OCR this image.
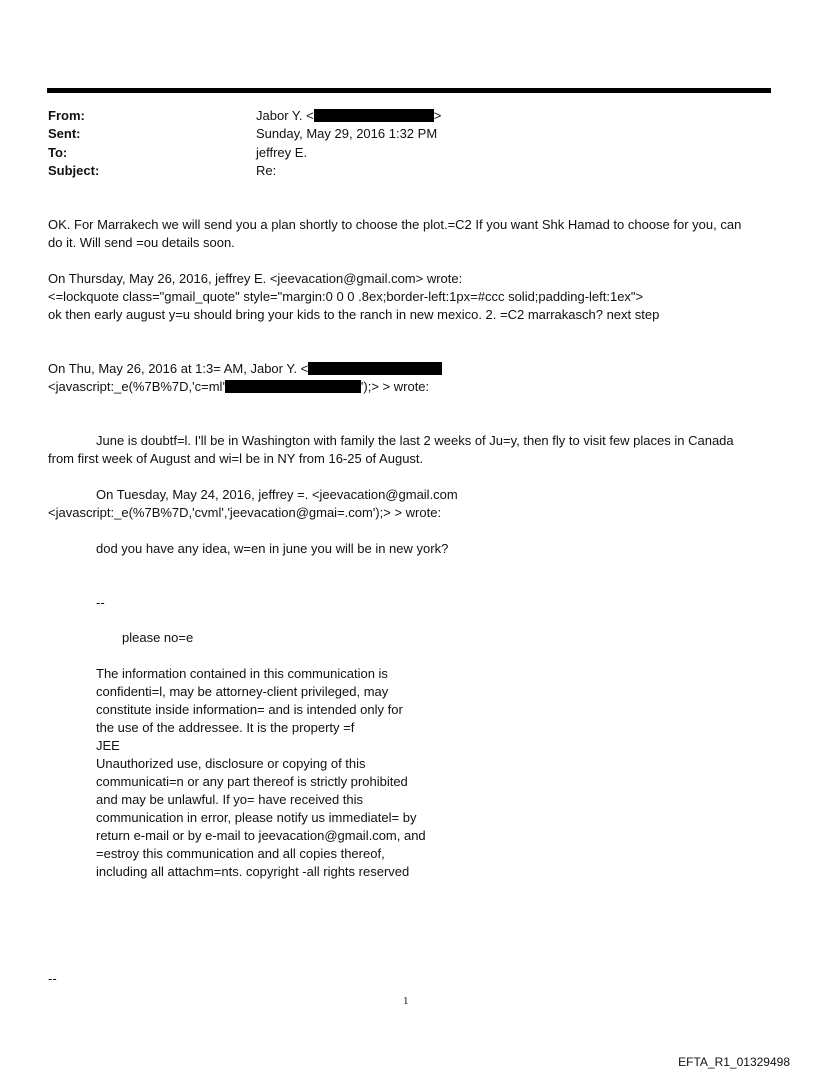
From:	Jabor Y. <	>
Sent:	Sunday, May 29, 2016 1:32 PM
To:	jeffrey E.
Subject:	Re:
OK. For Marrakech we will send you a plan shortly to choose the plot.=C2 If you want Shk Hamad to choose for you, can
do it. Will send =ou details soon.
On Thursday, May 26, 2016, jeffrey E. <jeevacation@gmail.com> wrote:
<=lockquote class="gmail_quote" style="margin:0 0 0 .8ex;border-left:1px=#ccc solid;padding-left:1ex">
ok then early august y=u should bring your kids to the ranch in new mexico. 2. =C2 marrakasch? next step
On Thu, May 26, 2016 at 1:3= AM, Jabor Y. <
<javascript:_e(%7B%7D,'c=ml'	');> > wrote:
June is doubtf=l. I'll be in Washington with family the last 2 weeks of Ju=y, then fly to visit few places in Canada
from first week of August and wi=l be in NY from 16-25 of August.
On Tuesday, May 24, 2016, jeffrey =. <jeevacation@gmail.com
<javascript:_e(%7B%7D,'cvml','jeevacation@gmai=.com');> > wrote:
dod you have any idea, w=en in june you will be in new york?
--
please no=e
The information contained in this communication is
confidenti=l, may be attorney-client privileged, may
constitute inside information= and is intended only for
the use of the addressee. It is the property =f
JEE
Unauthorized use, disclosure or copying of this
communicati=n or any part thereof is strictly prohibited
and may be unlawful. If yo= have received this
communication in error, please notify us immediatel= by
return e-mail or by e-mail to jeevacation@gmail.com, and
=estroy this communication and all copies thereof,
including all attachm=nts. copyright -all rights reserved
--
1
EFTA_R1_01329498
